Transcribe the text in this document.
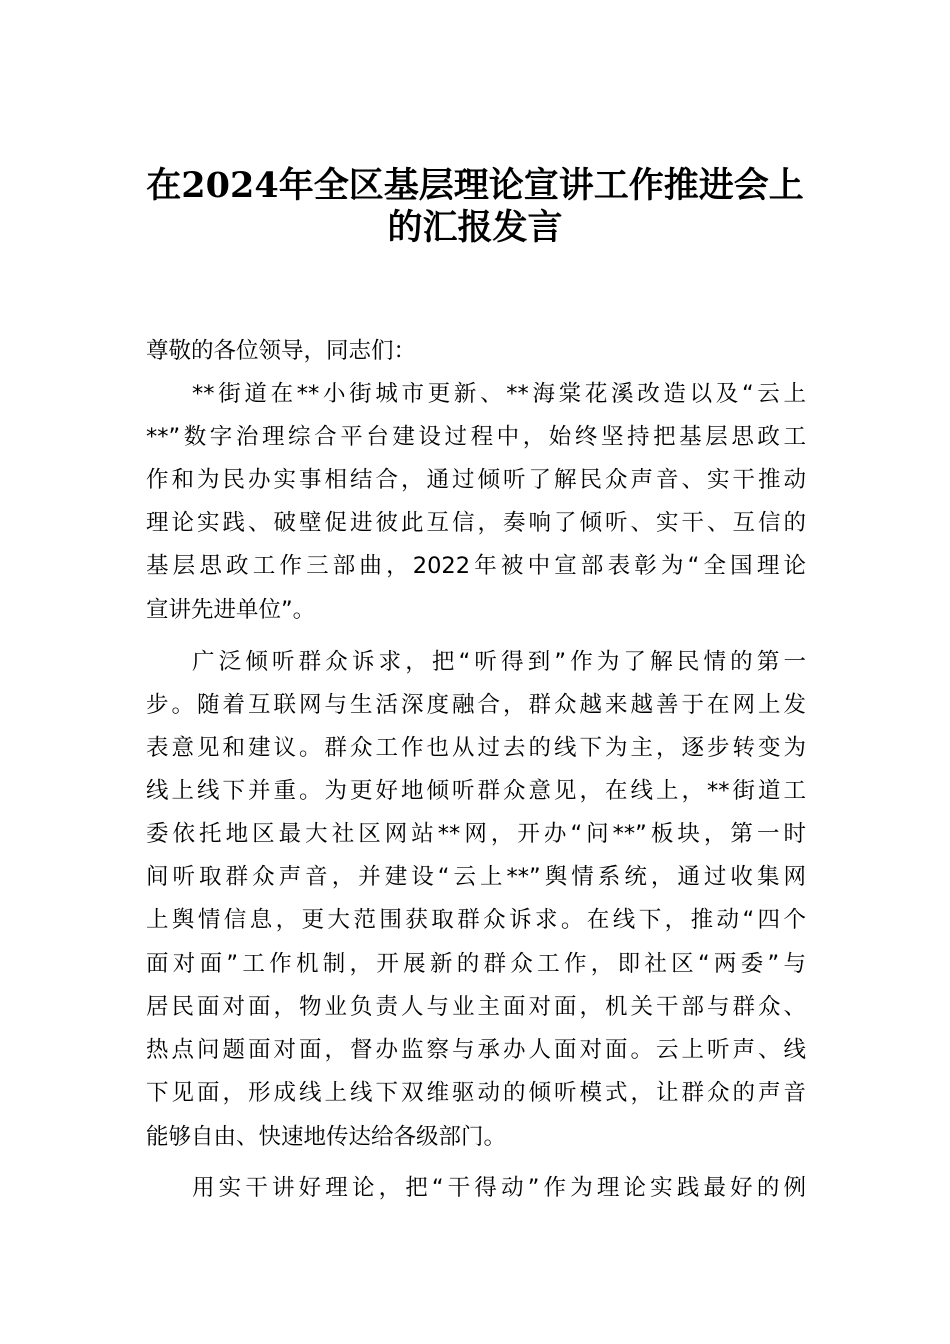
在2024年全区基层理论宣讲工作推进会上
的汇报发言
尊敬的各位领导，同志们：
**街道在**小街城市更新、**海棠花溪改造以及“云上
**”数字治理综合平台建设过程中，始终坚持把基层思政工
作和为民办实事相结合，通过倾听了解民众声音、实干推动
理论实践、破壁促进彼此互信，奏响了倾听、实干、互信的
基层思政工作三部曲，2022年被中宣部表彰为“全国理论
宣讲先进单位”。
广泛倾听群众诉求，把“听得到”作为了解民情的第一
步。随着互联网与生活深度融合，群众越来越善于在网上发
表意见和建议。群众工作也从过去的线下为主，逐步转变为
线上线下并重。为更好地倾听群众意见，在线上，**街道工
委依托地区最大社区网站**网，开办“问**”板块，第一时
间听取群众声音，并建设“云上**”舆情系统，通过收集网
上舆情信息，更大范围获取群众诉求。在线下，推动“四个
面对面”工作机制，开展新的群众工作，即社区“两委”与
居民面对面，物业负责人与业主面对面，机关干部与群众、
热点问题面对面，督办监察与承办人面对面。云上听声、线
下见面，形成线上线下双维驱动的倾听模式，让群众的声音
能够自由、快速地传达给各级部门。
用实干讲好理论，把“干得动”作为理论实践最好的例
